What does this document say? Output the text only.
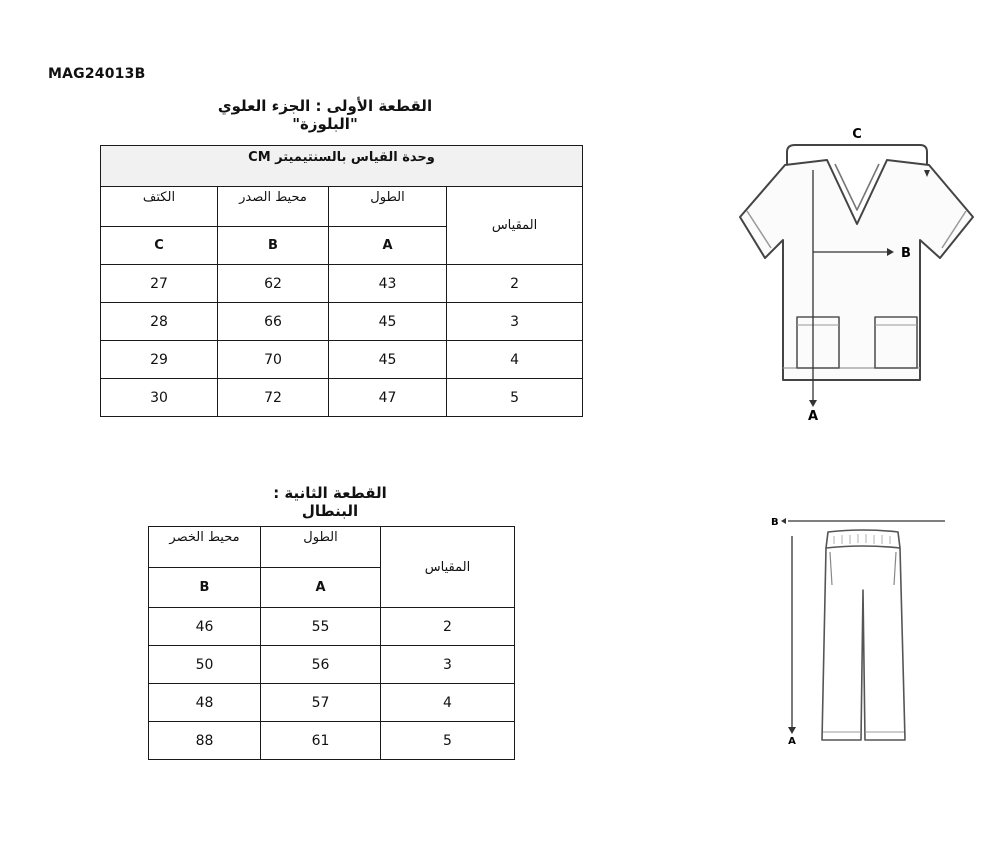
MAG24013B
القطعة الأولى : الجزء العلوي "البلوزة"
وحدة القياس بالسنتيميتر CM			
الكتف	محيط الصدر	الطول	المقياس
C	B	A	
27	62	43	2
28	66	45	3
29	70	45	4
30	72	47	5
C
B
A
القطعة الثانية : البنطال
محيط الخصر	الطول	المقياس
B	A	
46	55	2
50	56	3
48	57	4
88	61	5
B
A
